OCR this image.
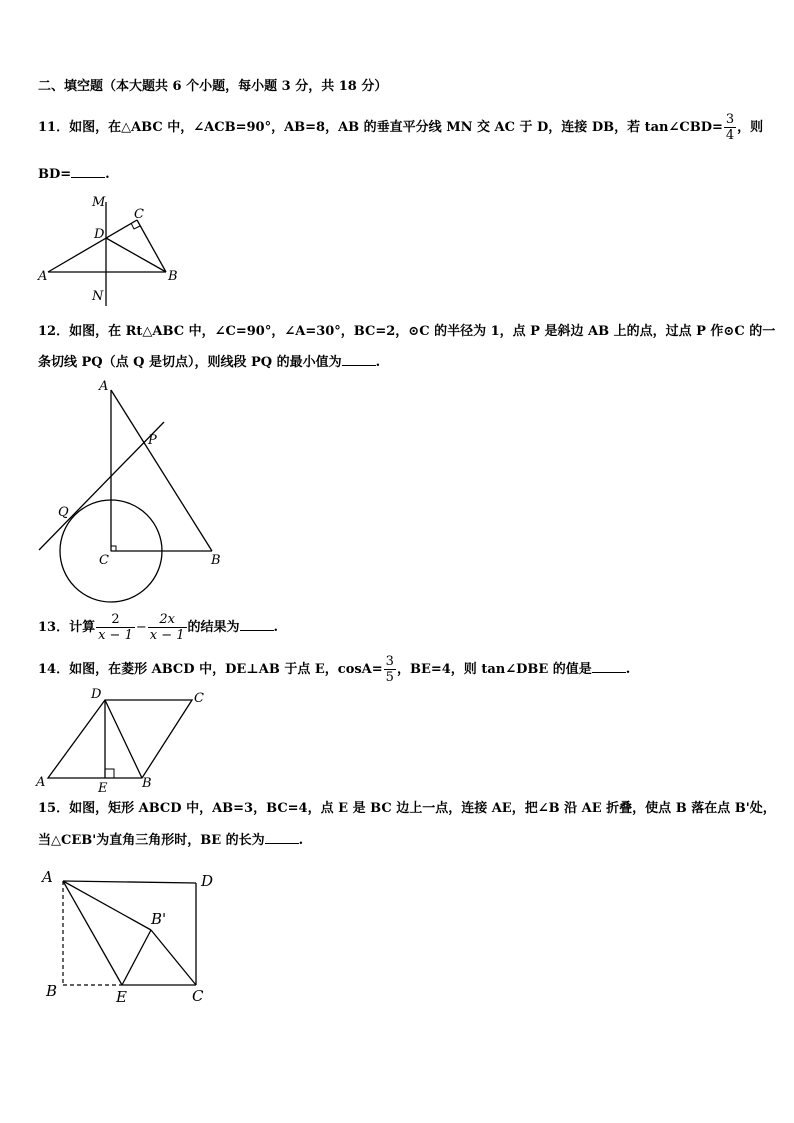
二、填空题（本大题共 6 个小题，每小题 3 分，共 18 分）
11．如图，在△ABC 中，∠ACB=90°，AB=8，AB 的垂直平分线 MN 交 AC 于 D，连接 DB，若 tan∠CBD= $\frac{3}{4}$ ，则
BD=	.
M
C
D
A	B
N
12．如图，在 Rt△ABC 中，∠C=90°，∠A=30°，BC=2，⊙C 的半径为 1，点 P 是斜边 AB 上的点，过点 P 作⊙C 的一
条切线 PQ（点 Q 是切点），则线段 PQ 的最小值为	.
A
P
Q
C	B
13．计算 $\frac{2}{x - 1} - \frac{2x}{x - 1}$ 的结果为	.
14．如图，在菱形 ABCD 中，DE⊥AB 于点 E，$\cos A= \frac{3}{5}$ ，BE=4，则 tan∠DBE 的值是	.
D	C
A	E	B
15．如图，矩形 ABCD 中，AB=3，BC=4，点 E 是 BC 边上一点，连接 AE，把∠B 沿 AE 折叠，使点 B 落在点 B'处，
当△CEB'为直角三角形时，BE 的长为	.
A	D
B'
B	E	C
